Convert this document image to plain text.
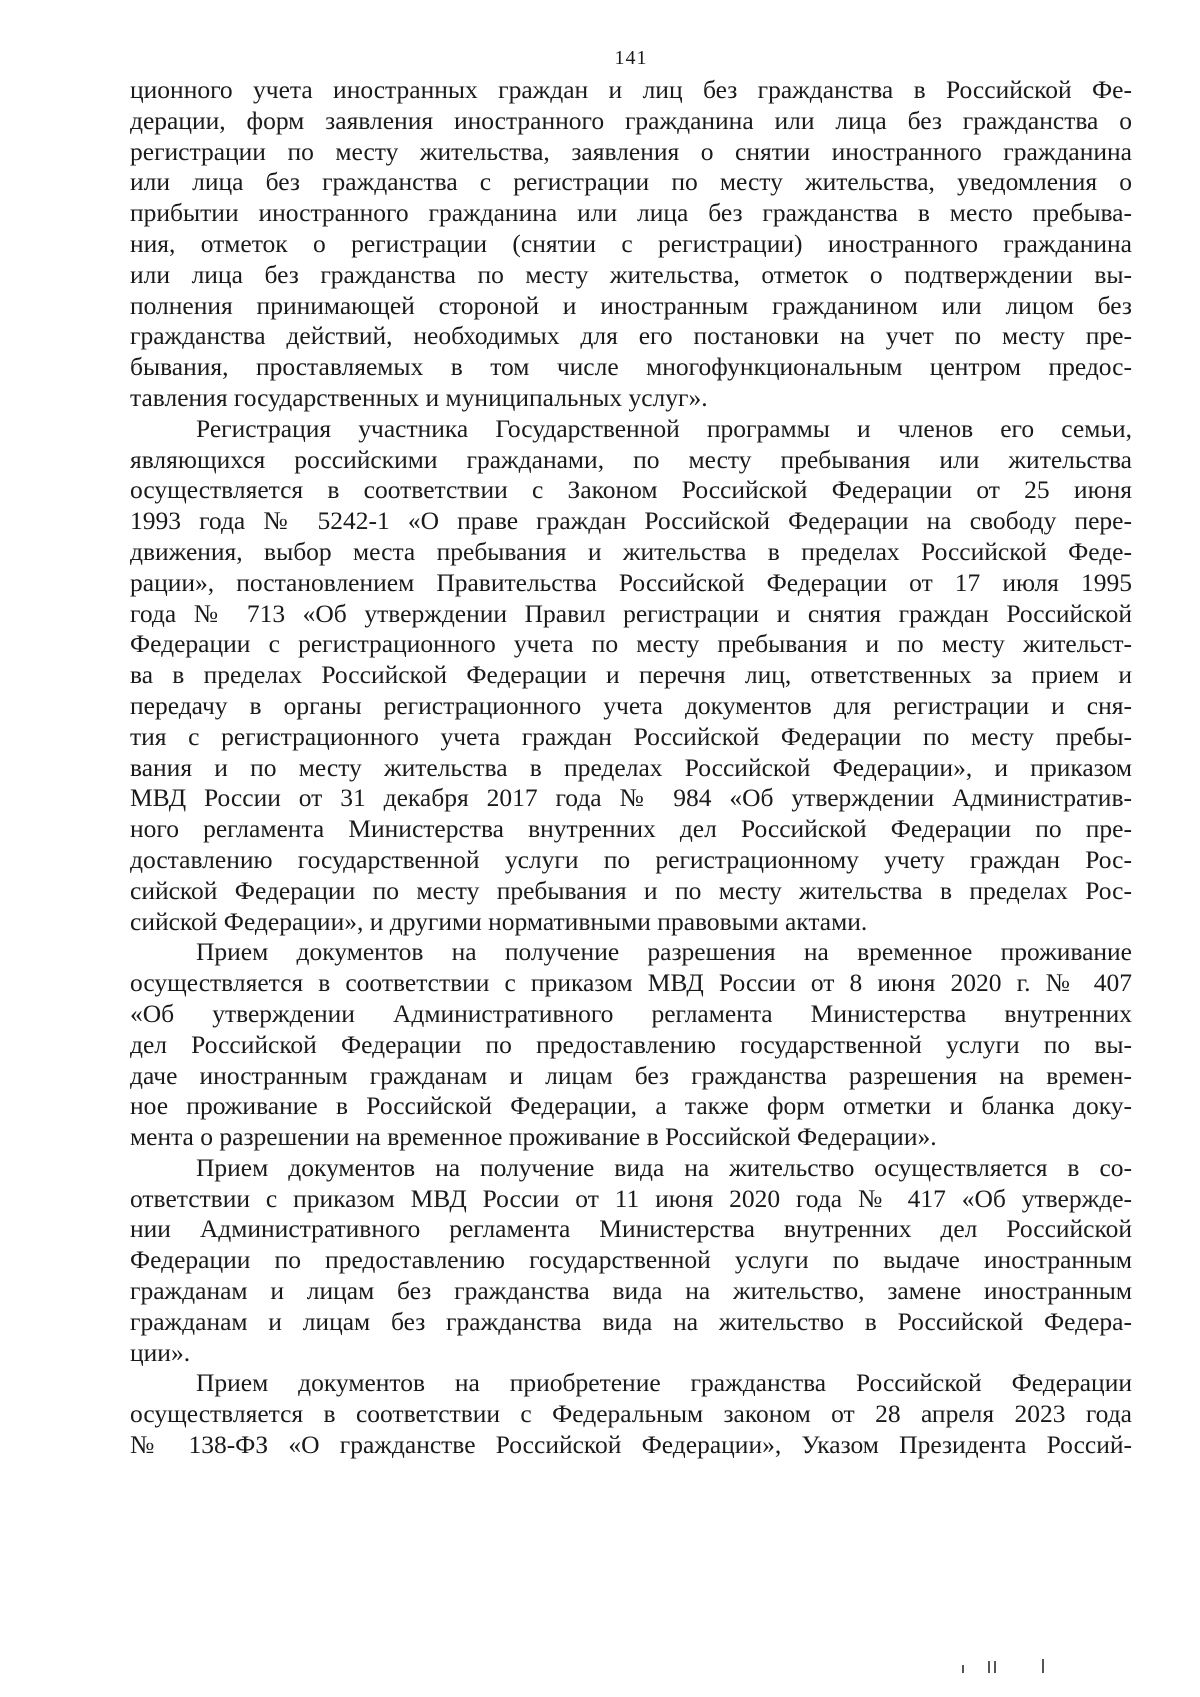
141

ционного учета иностранных граждан и лиц без гражданства в Российской Фе-
дерации, форм заявления иностранного гражданина или лица без гражданства о
регистрации по месту жительства, заявления о снятии иностранного гражданина
или лица без гражданства с регистрации по месту жительства, уведомления о
прибытии иностранного гражданина или лица без гражданства в место пребыва-
ния, отметок о регистрации (снятии с регистрации) иностранного гражданина
или лица без гражданства по месту жительства, отметок о подтверждении вы-
полнения принимающей стороной и иностранным гражданином или лицом без
гражданства действий, необходимых для его постановки на учет по месту пре-
бывания, проставляемых в том числе многофункциональным центром предос-
тавления государственных и муниципальных услуг».

Регистрация участника Государственной программы и членов его семьи,
являющихся российскими гражданами, по месту пребывания или жительства
осуществляется в соответствии с Законом Российской Федерации от 25 июня
1993 года № 5242-1 «О праве граждан Российской Федерации на свободу пере-
движения, выбор места пребывания и жительства в пределах Российской Феде-
рации», постановлением Правительства Российской Федерации от 17 июля 1995
года № 713 «Об утверждении Правил регистрации и снятия граждан Российской
Федерации с регистрационного учета по месту пребывания и по месту жительст-
ва в пределах Российской Федерации и перечня лиц, ответственных за прием и
передачу в органы регистрационного учета документов для регистрации и сня-
тия с регистрационного учета граждан Российской Федерации по месту пребы-
вания и по месту жительства в пределах Российской Федерации», и приказом
МВД России от 31 декабря 2017 года № 984 «Об утверждении Административ-
ного регламента Министерства внутренних дел Российской Федерации по пре-
доставлению государственной услуги по регистрационному учету граждан Рос-
сийской Федерации по месту пребывания и по месту жительства в пределах Рос-
сийской Федерации», и другими нормативными правовыми актами.

Прием документов на получение разрешения на временное проживание
осуществляется в соответствии с приказом МВД России от 8 июня 2020 г. № 407
«Об утверждении Административного регламента Министерства внутренних
дел Российской Федерации по предоставлению государственной услуги по вы-
даче иностранным гражданам и лицам без гражданства разрешения на времен-
ное проживание в Российской Федерации, а также форм отметки и бланка доку-
мента о разрешении на временное проживание в Российской Федерации».

Прием документов на получение вида на жительство осуществляется в со-
ответствии с приказом МВД России от 11 июня 2020 года № 417 «Об утвержде-
нии Административного регламента Министерства внутренних дел Российской
Федерации по предоставлению государственной услуги по выдаче иностранным
гражданам и лицам без гражданства вида на жительство, замене иностранным
гражданам и лицам без гражданства вида на жительство в Российской Федера-
ции».

Прием документов на приобретение гражданства Российской Федерации
осуществляется в соответствии с Федеральным законом от 28 апреля 2023 года
№ 138-ФЗ «О гражданстве Российской Федерации», Указом Президента Россий-
